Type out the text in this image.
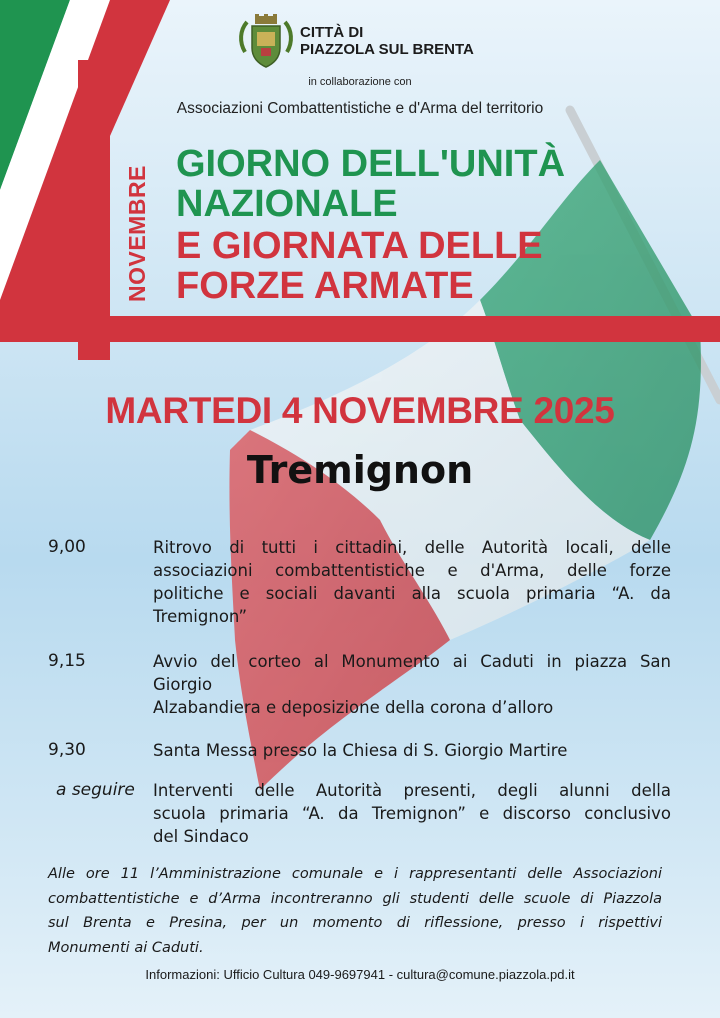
CITTÀ DI
PIAZZOLA SUL BRENTA
in collaborazione con
Associazioni Combattentistiche e d'Arma del territorio
NOVEMBRE
GIORNO DELL'UNITÀ
NAZIONALE
E GIORNATA DELLE
FORZE ARMATE
MARTEDI 4 NOVEMBRE 2025
Tremignon
9,00	Ritrovo di tutti i cittadini, delle Autorità locali, delle
associazioni combattentistiche e d'Arma, delle forze
politiche e sociali davanti alla scuola primaria “A. da
Tremignon”
9,15	Avvio del corteo al Monumento ai Caduti in piazza San
Giorgio
Alzabandiera e deposizione della corona d’alloro
9,30	Santa Messa presso la Chiesa di S. Giorgio Martire
a seguire Interventi delle Autorità presenti, degli alunni della
scuola primaria “A. da Tremignon” e discorso conclusivo
del Sindaco
Alle ore 11 l’Amministrazione comunale e i rappresentanti delle Associazioni
combattentistiche e d’Arma incontreranno gli studenti delle scuole di Piazzola
sul Brenta e Presina, per un momento di riflessione, presso i rispettivi
Monumenti ai Caduti.
Informazioni: Ufficio Cultura 049-9697941 - cultura@comune.piazzola.pd.it
